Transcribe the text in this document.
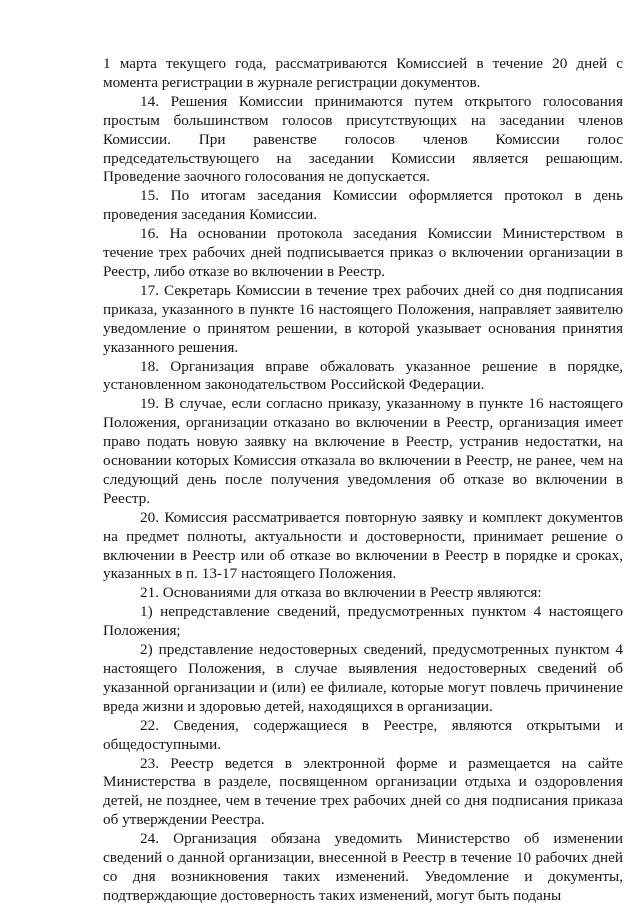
1 марта текущего года, рассматриваются Комиссией в течение 20 дней с момента регистрации в журнале регистрации документов.

14. Решения Комиссии принимаются путем открытого голосования простым большинством голосов присутствующих на заседании членов Комиссии. При равенстве голосов членов Комиссии голос председательствующего на заседании Комиссии является решающим. Проведение заочного голосования не допускается.

15. По итогам заседания Комиссии оформляется протокол в день проведения заседания Комиссии.

16. На основании протокола заседания Комиссии Министерством в течение трех рабочих дней подписывается приказ о включении организации в Реестр, либо отказе во включении в Реестр.

17. Секретарь Комиссии в течение трех рабочих дней со дня подписания приказа, указанного в пункте 16 настоящего Положения, направляет заявителю уведомление о принятом решении, в которой указывает основания принятия указанного решения.

18. Организация вправе обжаловать указанное решение в порядке, установленном законодательством Российской Федерации.

19. В случае, если согласно приказу, указанному в пункте 16 настоящего Положения, организации отказано во включении в Реестр, организация имеет право подать новую заявку на включение в Реестр, устранив недостатки, на основании которых Комиссия отказала во включении в Реестр, не ранее, чем на следующий день после получения уведомления об отказе во включении в Реестр.

20. Комиссия рассматривается повторную заявку и комплект документов на предмет полноты, актуальности и достоверности, принимает решение о включении в Реестр или об отказе во включении в Реестр в порядке и сроках, указанных в п. 13-17 настоящего Положения.

21. Основаниями для отказа во включении в Реестр являются:

1) непредставление сведений, предусмотренных пунктом 4 настоящего Положения;

2) представление недостоверных сведений, предусмотренных пунктом 4 настоящего Положения, в случае выявления недостоверных сведений об указанной организации и (или) ее филиале, которые могут повлечь причинение вреда жизни и здоровью детей, находящихся в организации.

22. Сведения, содержащиеся в Реестре, являются открытыми и общедоступными.

23. Реестр ведется в электронной форме и размещается на сайте Министерства в разделе, посвященном организации отдыха и оздоровления детей, не позднее, чем в течение трех рабочих дней со дня подписания приказа об утверждении Реестра.

24. Организация обязана уведомить Министерство об изменении сведений о данной организации, внесенной в Реестр в течение 10 рабочих дней со дня возникновения таких изменений. Уведомление и документы, подтверждающие достоверность таких изменений, могут быть поданы
